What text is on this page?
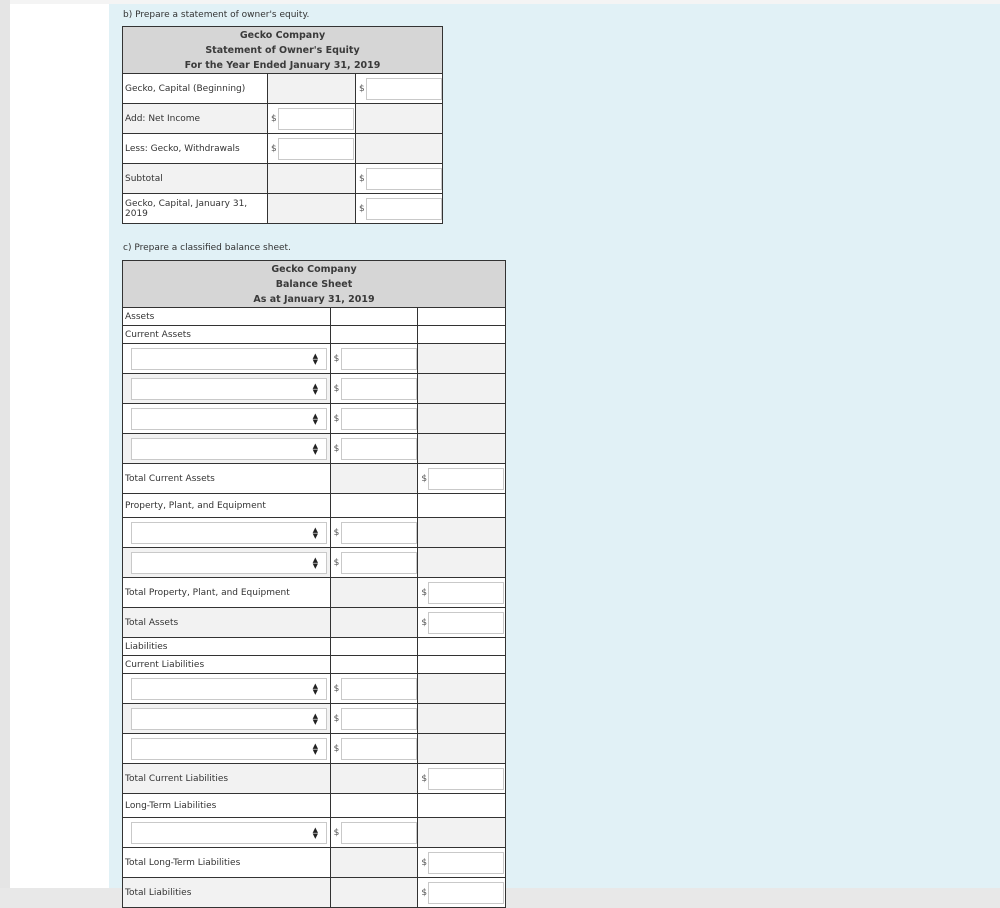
b) Prepare a statement of owner's equity.
Gecko Company
Statement of Owner's Equity
For the Year Ended January 31, 2019		

Gecko, Capital (Beginning)		$

Add: Net Income	$	

Less: Gecko, Withdrawals	$	

Subtotal		$

Gecko, Capital, January 31, 2019		$
c) Prepare a classified balance sheet.
Gecko Company
Balance Sheet
As at January 31, 2019		

Assets		
Current Assets		

▲
▼	$	

▲
▼	$	

▲
▼	$	

▲
▼	$	

Total Current Assets		$

Property, Plant, and Equipment		

▲
▼	$	

▲
▼	$	

Total Property, Plant, and Equipment		$

Total Assets		$

Liabilities		
Current Liabilities		

▲
▼	$	

▲
▼	$	

▲
▼	$	

Total Current Liabilities		$

Long-Term Liabilities		

▲
▼	$	

Total Long-Term Liabilities		$

Total Liabilities		$
